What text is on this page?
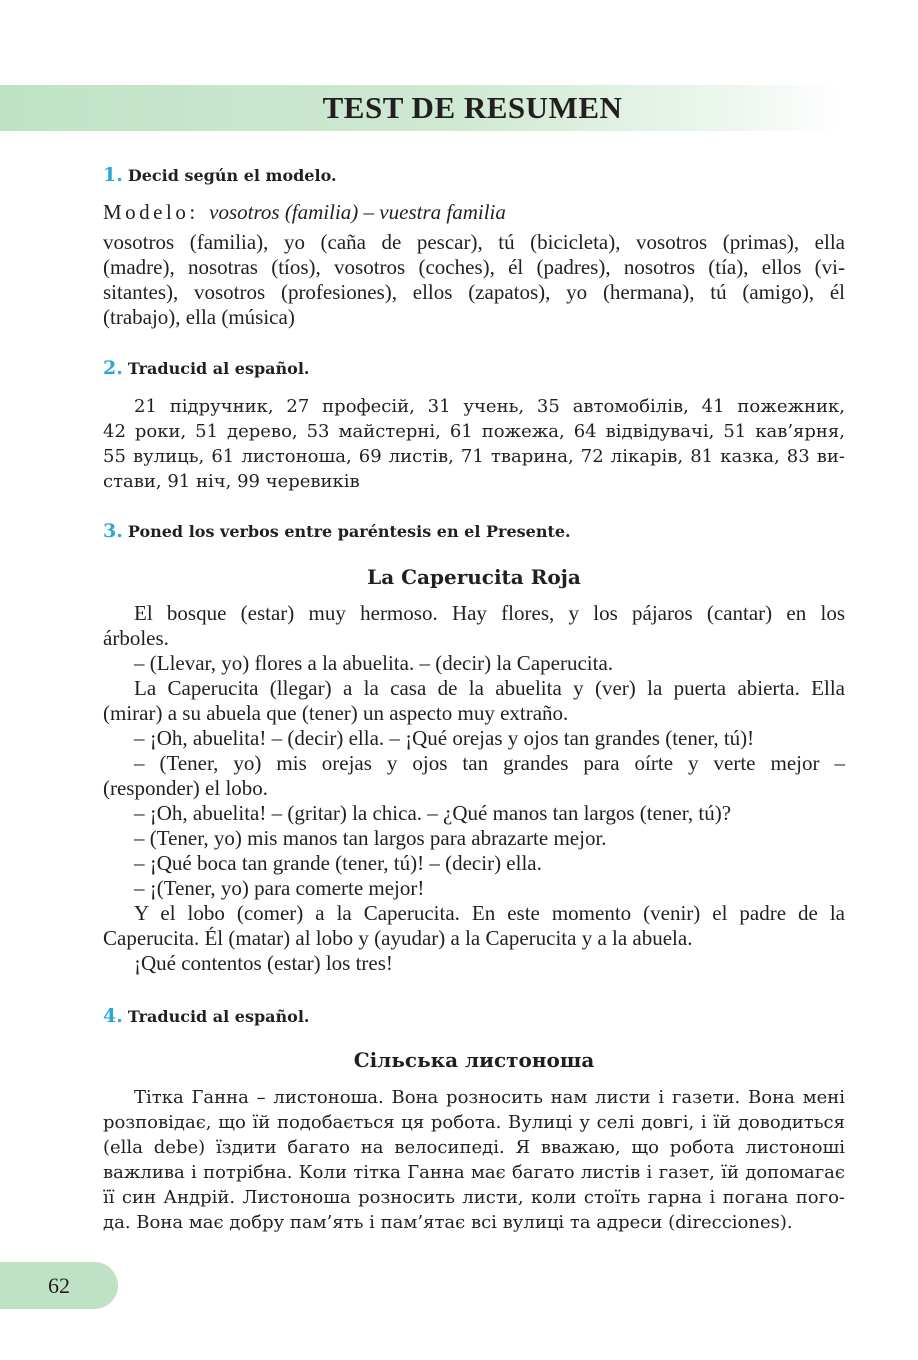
TEST DE RESUMEN
1. Decid según el modelo.
Modelo: vosotros (familia) – vuestra familia
vosotros (familia), yo (caña de pescar), tú (bicicleta), vosotros (primas), ella
(madre), nosotras (tíos), vosotros (coches), él (padres), nosotros (tía), ellos (vi-
sitantes), vosotros (profesiones), ellos (zapatos), yo (hermana), tú (amigo), él
(trabajo), ella (música)
2. Traducid al español.
21 підручник, 27 професій, 31 учень, 35 автомобілів, 41 пожежник,
42 роки, 51 дерево, 53 майстерні, 61 пожежа, 64 відвідувачі, 51 кав’ярня,
55 вулиць, 61 листоноша, 69 листів, 71 тварина, 72 лікарів, 81 казка, 83 ви-
стави, 91 ніч, 99 черевиків
3. Poned los verbos entre paréntesis en el Presente.
La Caperucita Roja
El bosque (estar) muy hermoso. Hay flores, y los pájaros (cantar) en los
árboles.
– (Llevar, yo) flores a la abuelita. – (decir) la Caperucita.
La Caperucita (llegar) a la casa de la abuelita y (ver) la puerta abierta. Ella
(mirar) a su abuela que (tener) un aspecto muy extraño.
– ¡Oh, abuelita! – (decir) ella. – ¡Qué orejas y ojos tan grandes (tener, tú)!
– (Tener, yo) mis orejas y ojos tan grandes para oírte y verte mejor –
(responder) el lobo.
– ¡Oh, abuelita! – (gritar) la chica. – ¿Qué manos tan largos (tener, tú)?
– (Tener, yo) mis manos tan largos para abrazarte mejor.
– ¡Qué boca tan grande (tener, tú)! – (decir) ella.
– ¡(Tener, yo) para comerte mejor!
Y el lobo (comer) a la Caperucita. En este momento (venir) el padre de la
Caperucita. Él (matar) al lobo y (ayudar) a la Caperucita y a la abuela.
¡Qué contentos (estar) los tres!
4. Traducid al español.
Сільська листоноша
Тітка Ганна – листоноша. Вона розносить нам листи і газети. Вона мені
розповідає, що їй подобається ця робота. Вулиці у селі довгі, і їй доводиться
(ella debe) їздити багато на велосипеді. Я вважаю, що робота листоноші
важлива і потрібна. Коли тітка Ганна має багато листів і газет, їй допомагає
її син Андрій. Листоноша розносить листи, коли стоїть гарна і погана пого-
да. Вона має добру пам’ять і пам’ятає всі вулиці та адреси (direcciones).
62
